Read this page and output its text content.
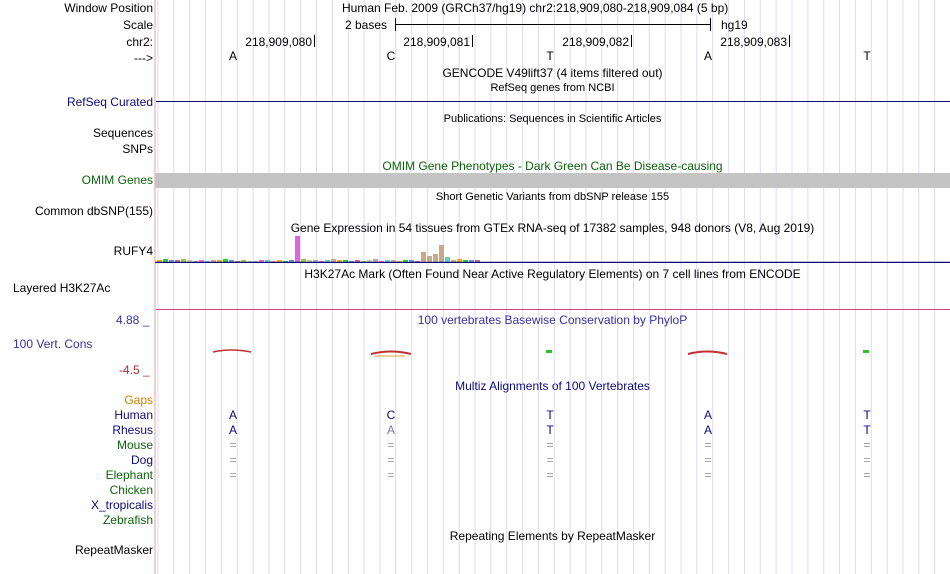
Window Position	Human Feb. 2009 (GRCh37/hg19) chr2:218,909,080-218,909,084 (5 bp)
Scale	2 bases	hg19
chr2:	218,909,080	218,909,081	218,909,082	218,909,083
--->	A	C	T	A	T
GENCODE V49lift37 (4 items filtered out)
RefSeq genes from NCBI
RefSeq Curated
Publications: Sequences in Scientific Articles
Sequences
SNPs
OMIM Gene Phenotypes - Dark Green Can Be Disease-causing
OMIM Genes
Short Genetic Variants from dbSNP release 155
Common dbSNP(155)
Gene Expression in 54 tissues from GTEx RNA-seq of 17382 samples, 948 donors (V8, Aug 2019)
RUFY4
H3K27Ac Mark (Often Found Near Active Regulatory Elements) on 7 cell lines from ENCODE
Layered H3K27Ac
100 vertebrates Basewise Conservation by PhyloP
4.88 _
100 Vert. Cons
-4.5 _
Multiz Alignments of 100 Vertebrates
Gaps
Human	A	C	T	A	T
Rhesus	A	A	T	A	T
Mouse	=	=	=	=	=
Dog	=	=	=	=	=
Elephant	=	=	=	=	=
Chicken
X_tropicalis
Zebrafish
Repeating Elements by RepeatMasker
RepeatMasker
